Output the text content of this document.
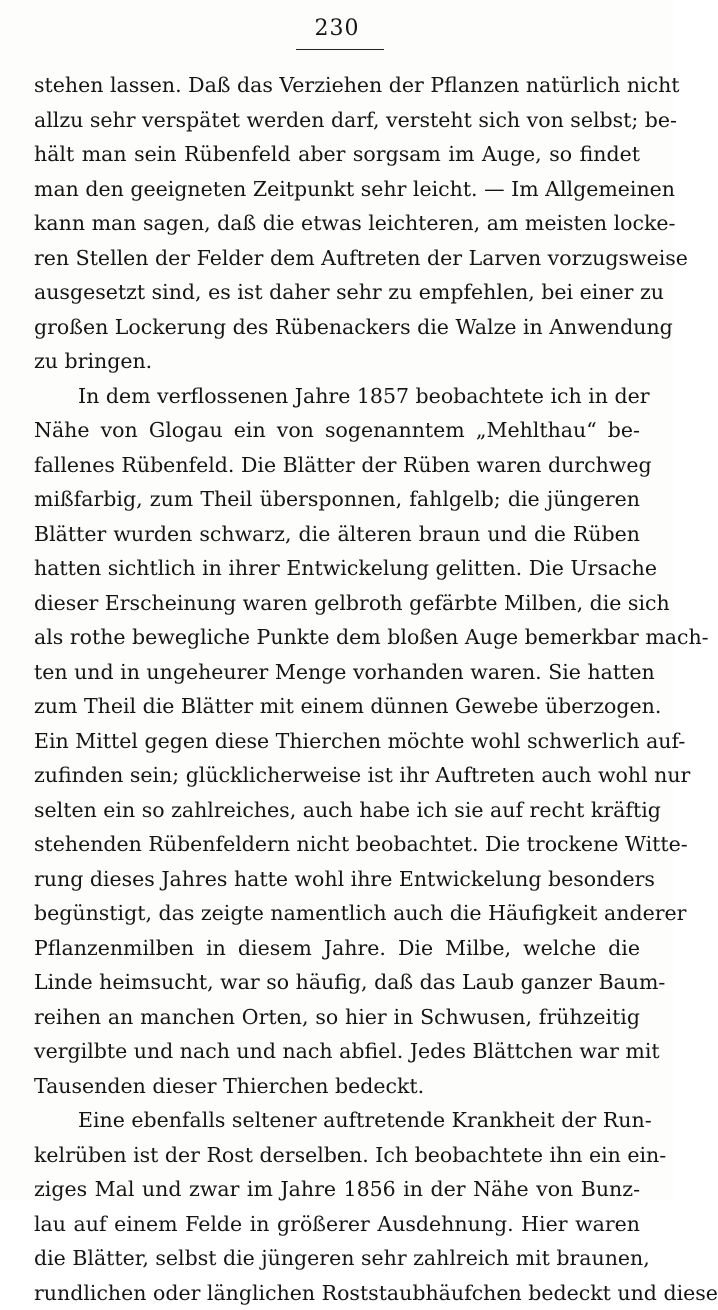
230
stehen lassen. Daß das Verziehen der Pflanzen natürlich nicht
allzu sehr verspätet werden darf, versteht sich von selbst; be-
hält man sein Rübenfeld aber sorgsam im Auge, so findet
man den geeigneten Zeitpunkt sehr leicht. — Im Allgemeinen
kann man sagen, daß die etwas leichteren, am meisten locke-
ren Stellen der Felder dem Auftreten der Larven vorzugsweise
ausgesetzt sind, es ist daher sehr zu empfehlen, bei einer zu
großen Lockerung des Rübenackers die Walze in Anwendung
zu bringen.
In dem verflossenen Jahre 1857 beobachtete ich in der
Nähe von Glogau ein von sogenanntem „Mehlthau“ be-
fallenes Rübenfeld. Die Blätter der Rüben waren durchweg
mißfarbig, zum Theil übersponnen, fahlgelb; die jüngeren
Blätter wurden schwarz, die älteren braun und die Rüben
hatten sichtlich in ihrer Entwickelung gelitten. Die Ursache
dieser Erscheinung waren gelbroth gefärbte Milben, die sich
als rothe bewegliche Punkte dem bloßen Auge bemerkbar mach-
ten und in ungeheurer Menge vorhanden waren. Sie hatten
zum Theil die Blätter mit einem dünnen Gewebe überzogen.
Ein Mittel gegen diese Thierchen möchte wohl schwerlich auf-
zufinden sein; glücklicherweise ist ihr Auftreten auch wohl nur
selten ein so zahlreiches, auch habe ich sie auf recht kräftig
stehenden Rübenfeldern nicht beobachtet. Die trockene Witte-
rung dieses Jahres hatte wohl ihre Entwickelung besonders
begünstigt, das zeigte namentlich auch die Häufigkeit anderer
Pflanzenmilben in diesem Jahre. Die Milbe, welche die
Linde heimsucht, war so häufig, daß das Laub ganzer Baum-
reihen an manchen Orten, so hier in Schwusen, frühzeitig
vergilbte und nach und nach abfiel. Jedes Blättchen war mit
Tausenden dieser Thierchen bedeckt.
Eine ebenfalls seltener auftretende Krankheit der Run-
kelrüben ist der Rost derselben. Ich beobachtete ihn ein ein-
ziges Mal und zwar im Jahre 1856 in der Nähe von Bunz-
lau auf einem Felde in größerer Ausdehnung. Hier waren
die Blätter, selbst die jüngeren sehr zahlreich mit braunen,
rundlichen oder länglichen Roststaubhäufchen bedeckt und diese
